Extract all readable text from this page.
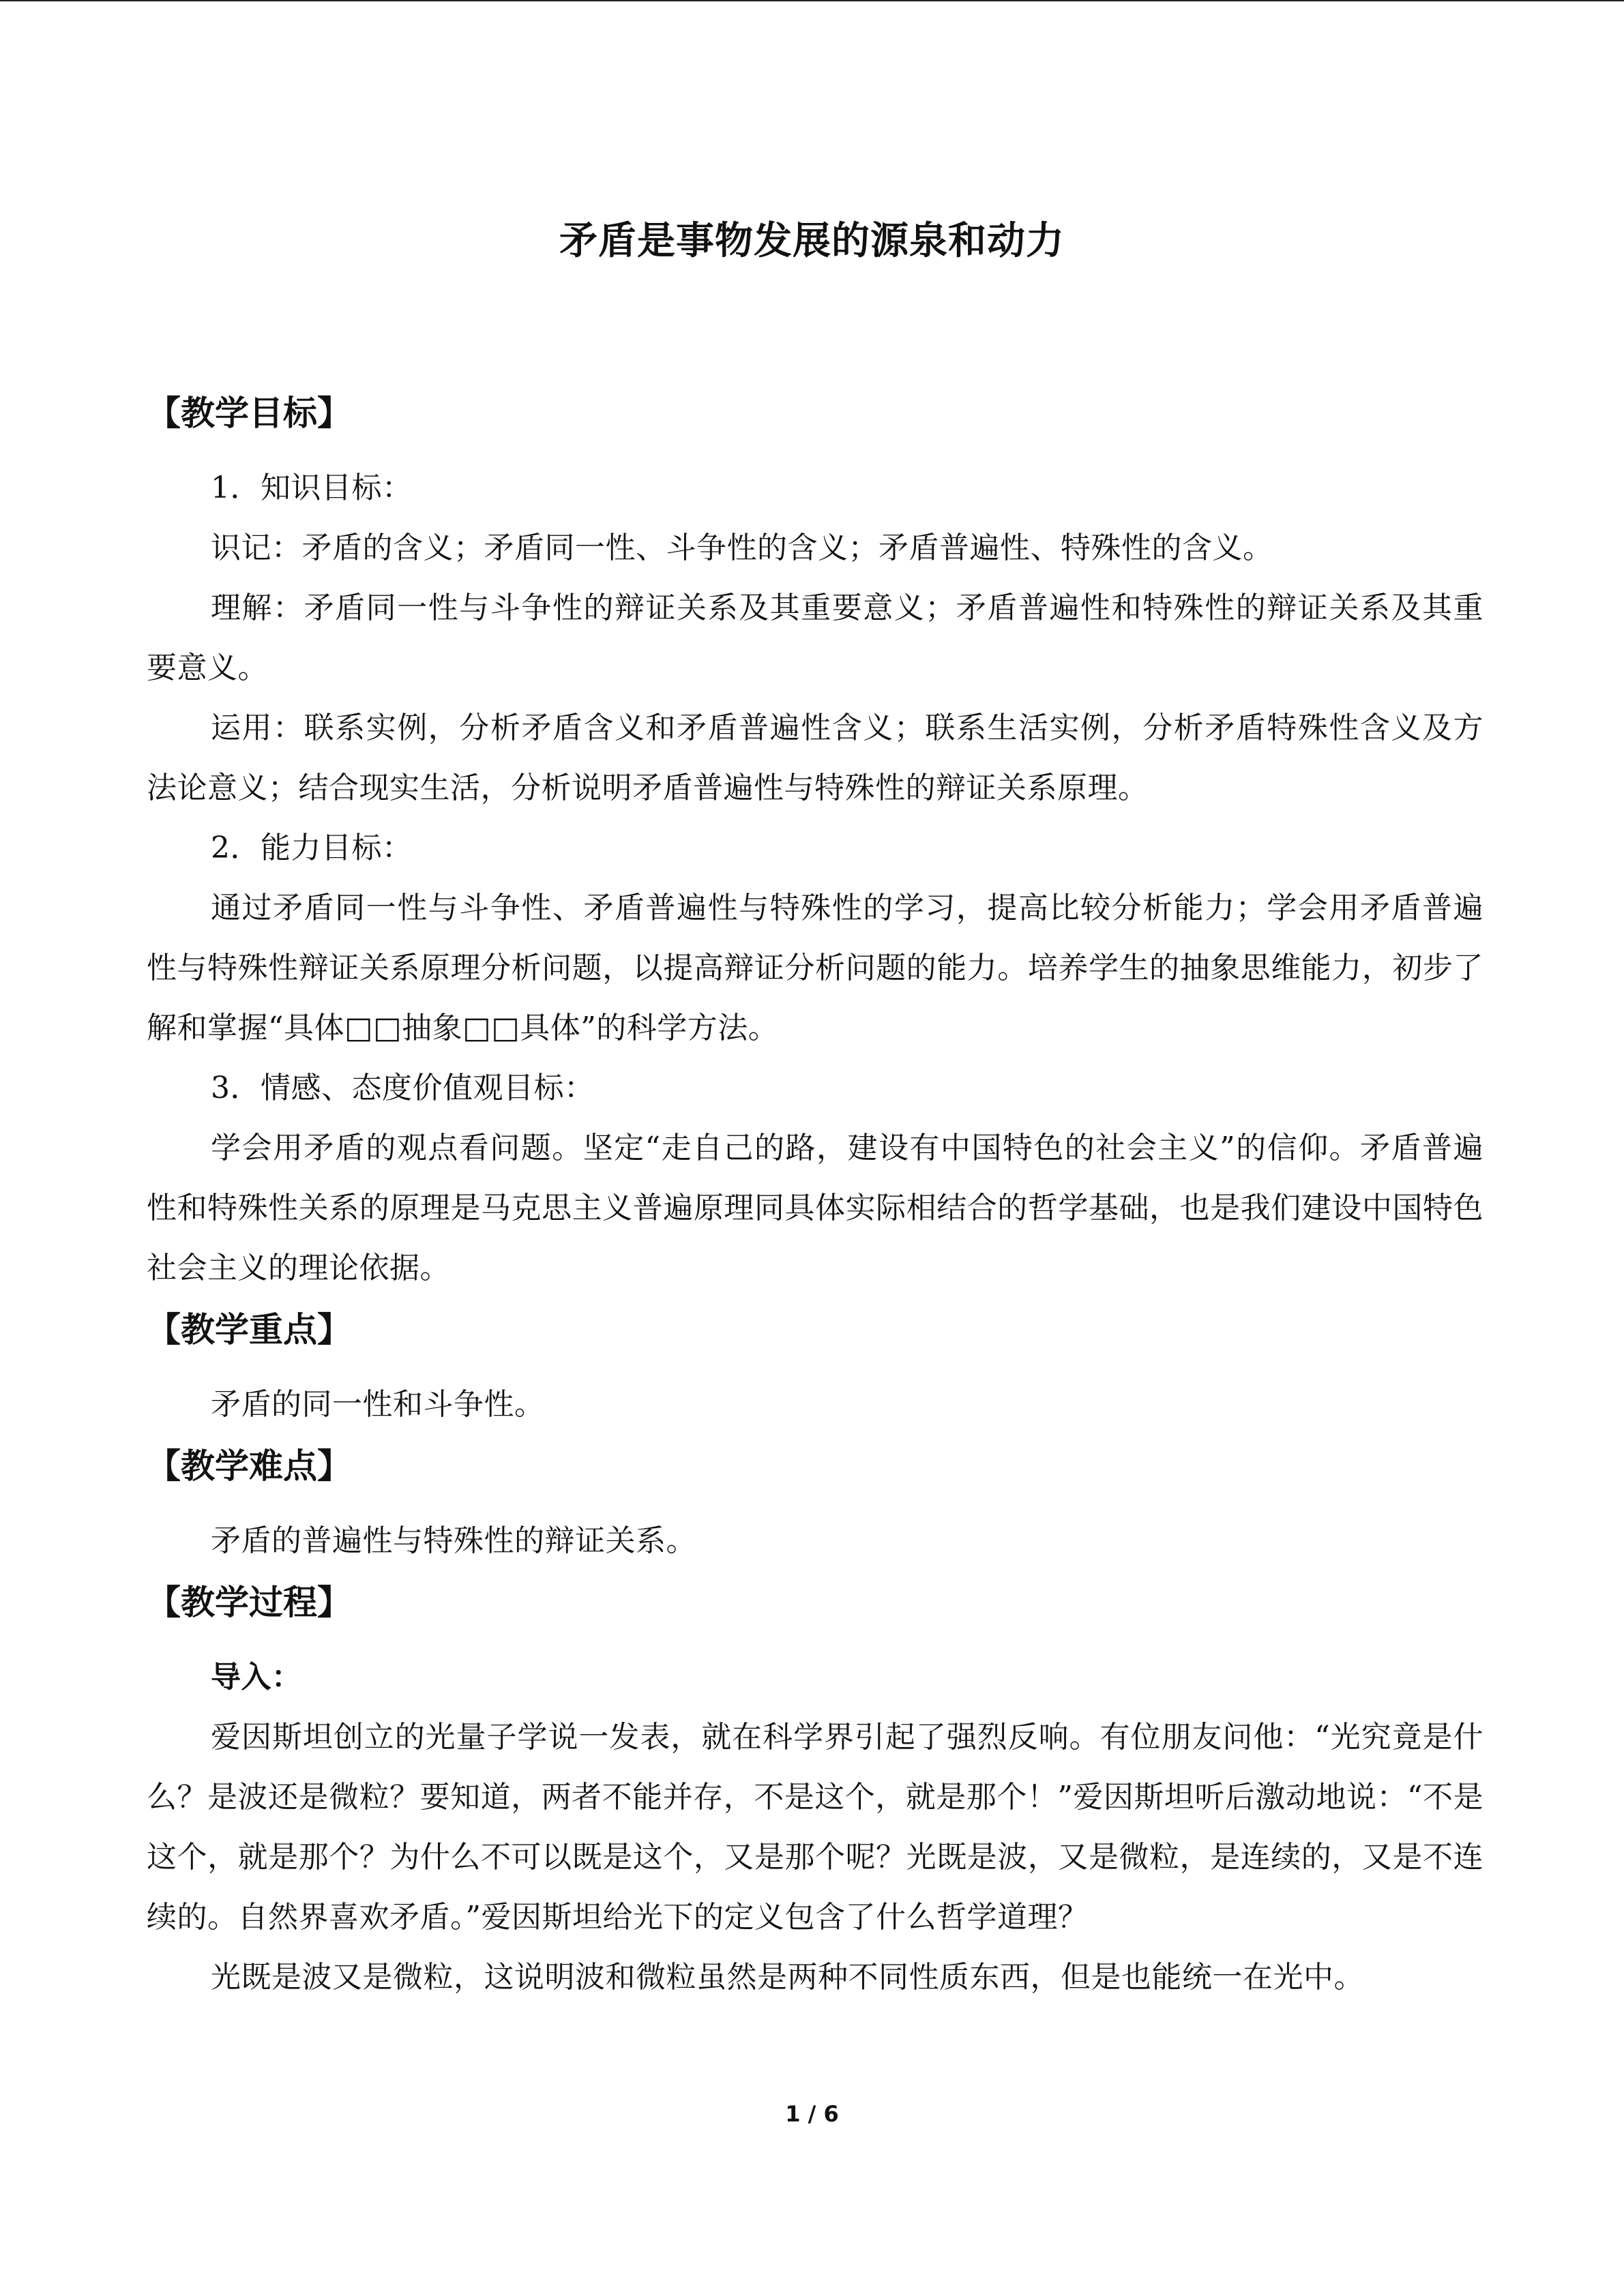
矛盾是事物发展的源泉和动力

【教学目标】

1．知识目标：

识记：矛盾的含义；矛盾同一性、斗争性的含义；矛盾普遍性、特殊性的含义。

理解：矛盾同一性与斗争性的辩证关系及其重要意义；矛盾普遍性和特殊性的辩证关系及其重要意义。

运用：联系实例，分析矛盾含义和矛盾普遍性含义；联系生活实例，分析矛盾特殊性含义及方法论意义；结合现实生活，分析说明矛盾普遍性与特殊性的辩证关系原理。

2．能力目标：

通过矛盾同一性与斗争性、矛盾普遍性与特殊性的学习，提高比较分析能力；学会用矛盾普遍性与特殊性辩证关系原理分析问题，以提高辩证分析问题的能力。培养学生的抽象思维能力，初步了解和掌握“具体□□抽象□□具体”的科学方法。

3．情感、态度价值观目标：

学会用矛盾的观点看问题。坚定“走自己的路，建设有中国特色的社会主义”的信仰。矛盾普遍性和特殊性关系的原理是马克思主义普遍原理同具体实际相结合的哲学基础，也是我们建设中国特色社会主义的理论依据。

【教学重点】

矛盾的同一性和斗争性。

【教学难点】

矛盾的普遍性与特殊性的辩证关系。

【教学过程】

导入：

爱因斯坦创立的光量子学说一发表，就在科学界引起了强烈反响。有位朋友问他：“光究竟是什么？是波还是微粒？要知道，两者不能并存，不是这个，就是那个！”爱因斯坦听后激动地说：“不是这个，就是那个？为什么不可以既是这个，又是那个呢？光既是波，又是微粒，是连续的，又是不连续的。自然界喜欢矛盾。”爱因斯坦给光下的定义包含了什么哲学道理？

光既是波又是微粒，这说明波和微粒虽然是两种不同性质东西，但是也能统一在光中。

1 / 6
